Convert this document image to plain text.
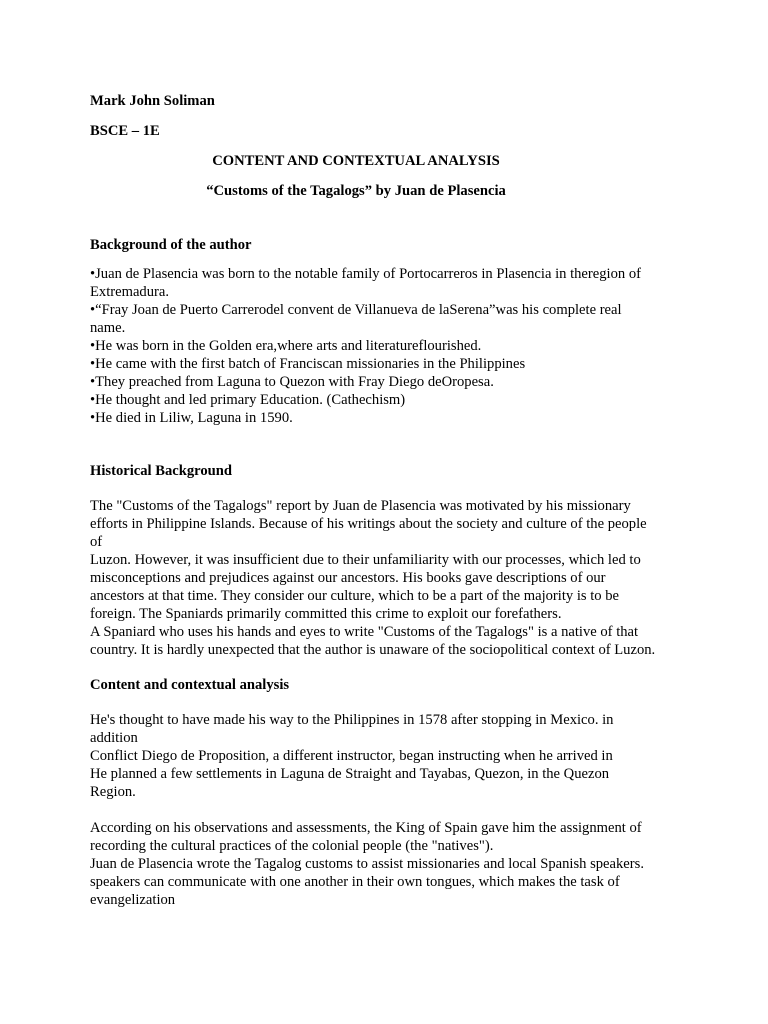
Mark John Soliman
BSCE – 1E
CONTENT AND CONTEXTUAL ANALYSIS
“Customs of the Tagalogs” by Juan de Plasencia
Background of the author
•Juan de Plasencia was born to the notable family of Portocarreros in Plasencia in theregion of
Extremadura.
•“Fray Joan de Puerto Carrerodel convent de Villanueva de laSerena”was his complete real
name.
•He was born in the Golden era,where arts and literatureflourished.
•He came with the first batch of Franciscan missionaries in the Philippines
•They preached from Laguna to Quezon with Fray Diego deOropesa.
•He thought and led primary Education. (Cathechism)
•He died in Liliw, Laguna in 1590.
Historical Background
The "Customs of the Tagalogs" report by Juan de Plasencia was motivated by his missionary
efforts in Philippine Islands. Because of his writings about the society and culture of the people
of
Luzon. However, it was insufficient due to their unfamiliarity with our processes, which led to
misconceptions and prejudices against our ancestors. His books gave descriptions of our
ancestors at that time. They consider our culture, which to be a part of the majority is to be
foreign. The Spaniards primarily committed this crime to exploit our forefathers.
A Spaniard who uses his hands and eyes to write "Customs of the Tagalogs" is a native of that
country. It is hardly unexpected that the author is unaware of the sociopolitical context of Luzon.
Content and contextual analysis
He's thought to have made his way to the Philippines in 1578 after stopping in Mexico. in
addition
Conflict Diego de Proposition, a different instructor, began instructing when he arrived in
He planned a few settlements in Laguna de Straight and Tayabas, Quezon, in the Quezon
Region.
According on his observations and assessments, the King of Spain gave him the assignment of
recording the cultural practices of the colonial people (the "natives").
Juan de Plasencia wrote the Tagalog customs to assist missionaries and local Spanish speakers.
speakers can communicate with one another in their own tongues, which makes the task of
evangelization
